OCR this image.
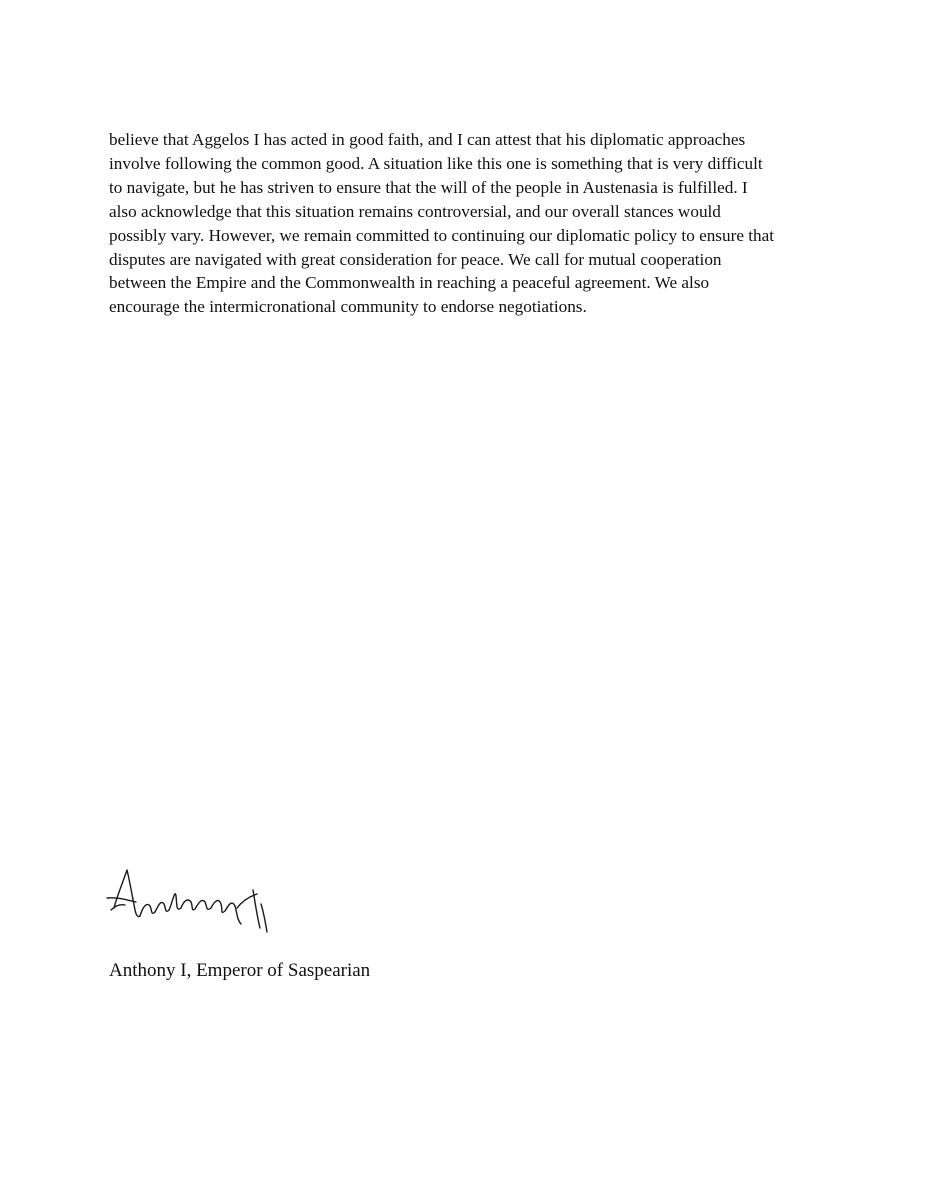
believe that Aggelos I has acted in good faith, and I can attest that his diplomatic approaches
involve following the common good. A situation like this one is something that is very difficult
to navigate, but he has striven to ensure that the will of the people in Austenasia is fulfilled. I
also acknowledge that this situation remains controversial, and our overall stances would
possibly vary. However, we remain committed to continuing our diplomatic policy to ensure that
disputes are navigated with great consideration for peace. We call for mutual cooperation
between the Empire and the Commonwealth in reaching a peaceful agreement. We also
encourage the intermicronational community to endorse negotiations.

Anthony I, Emperor of Saspearian
